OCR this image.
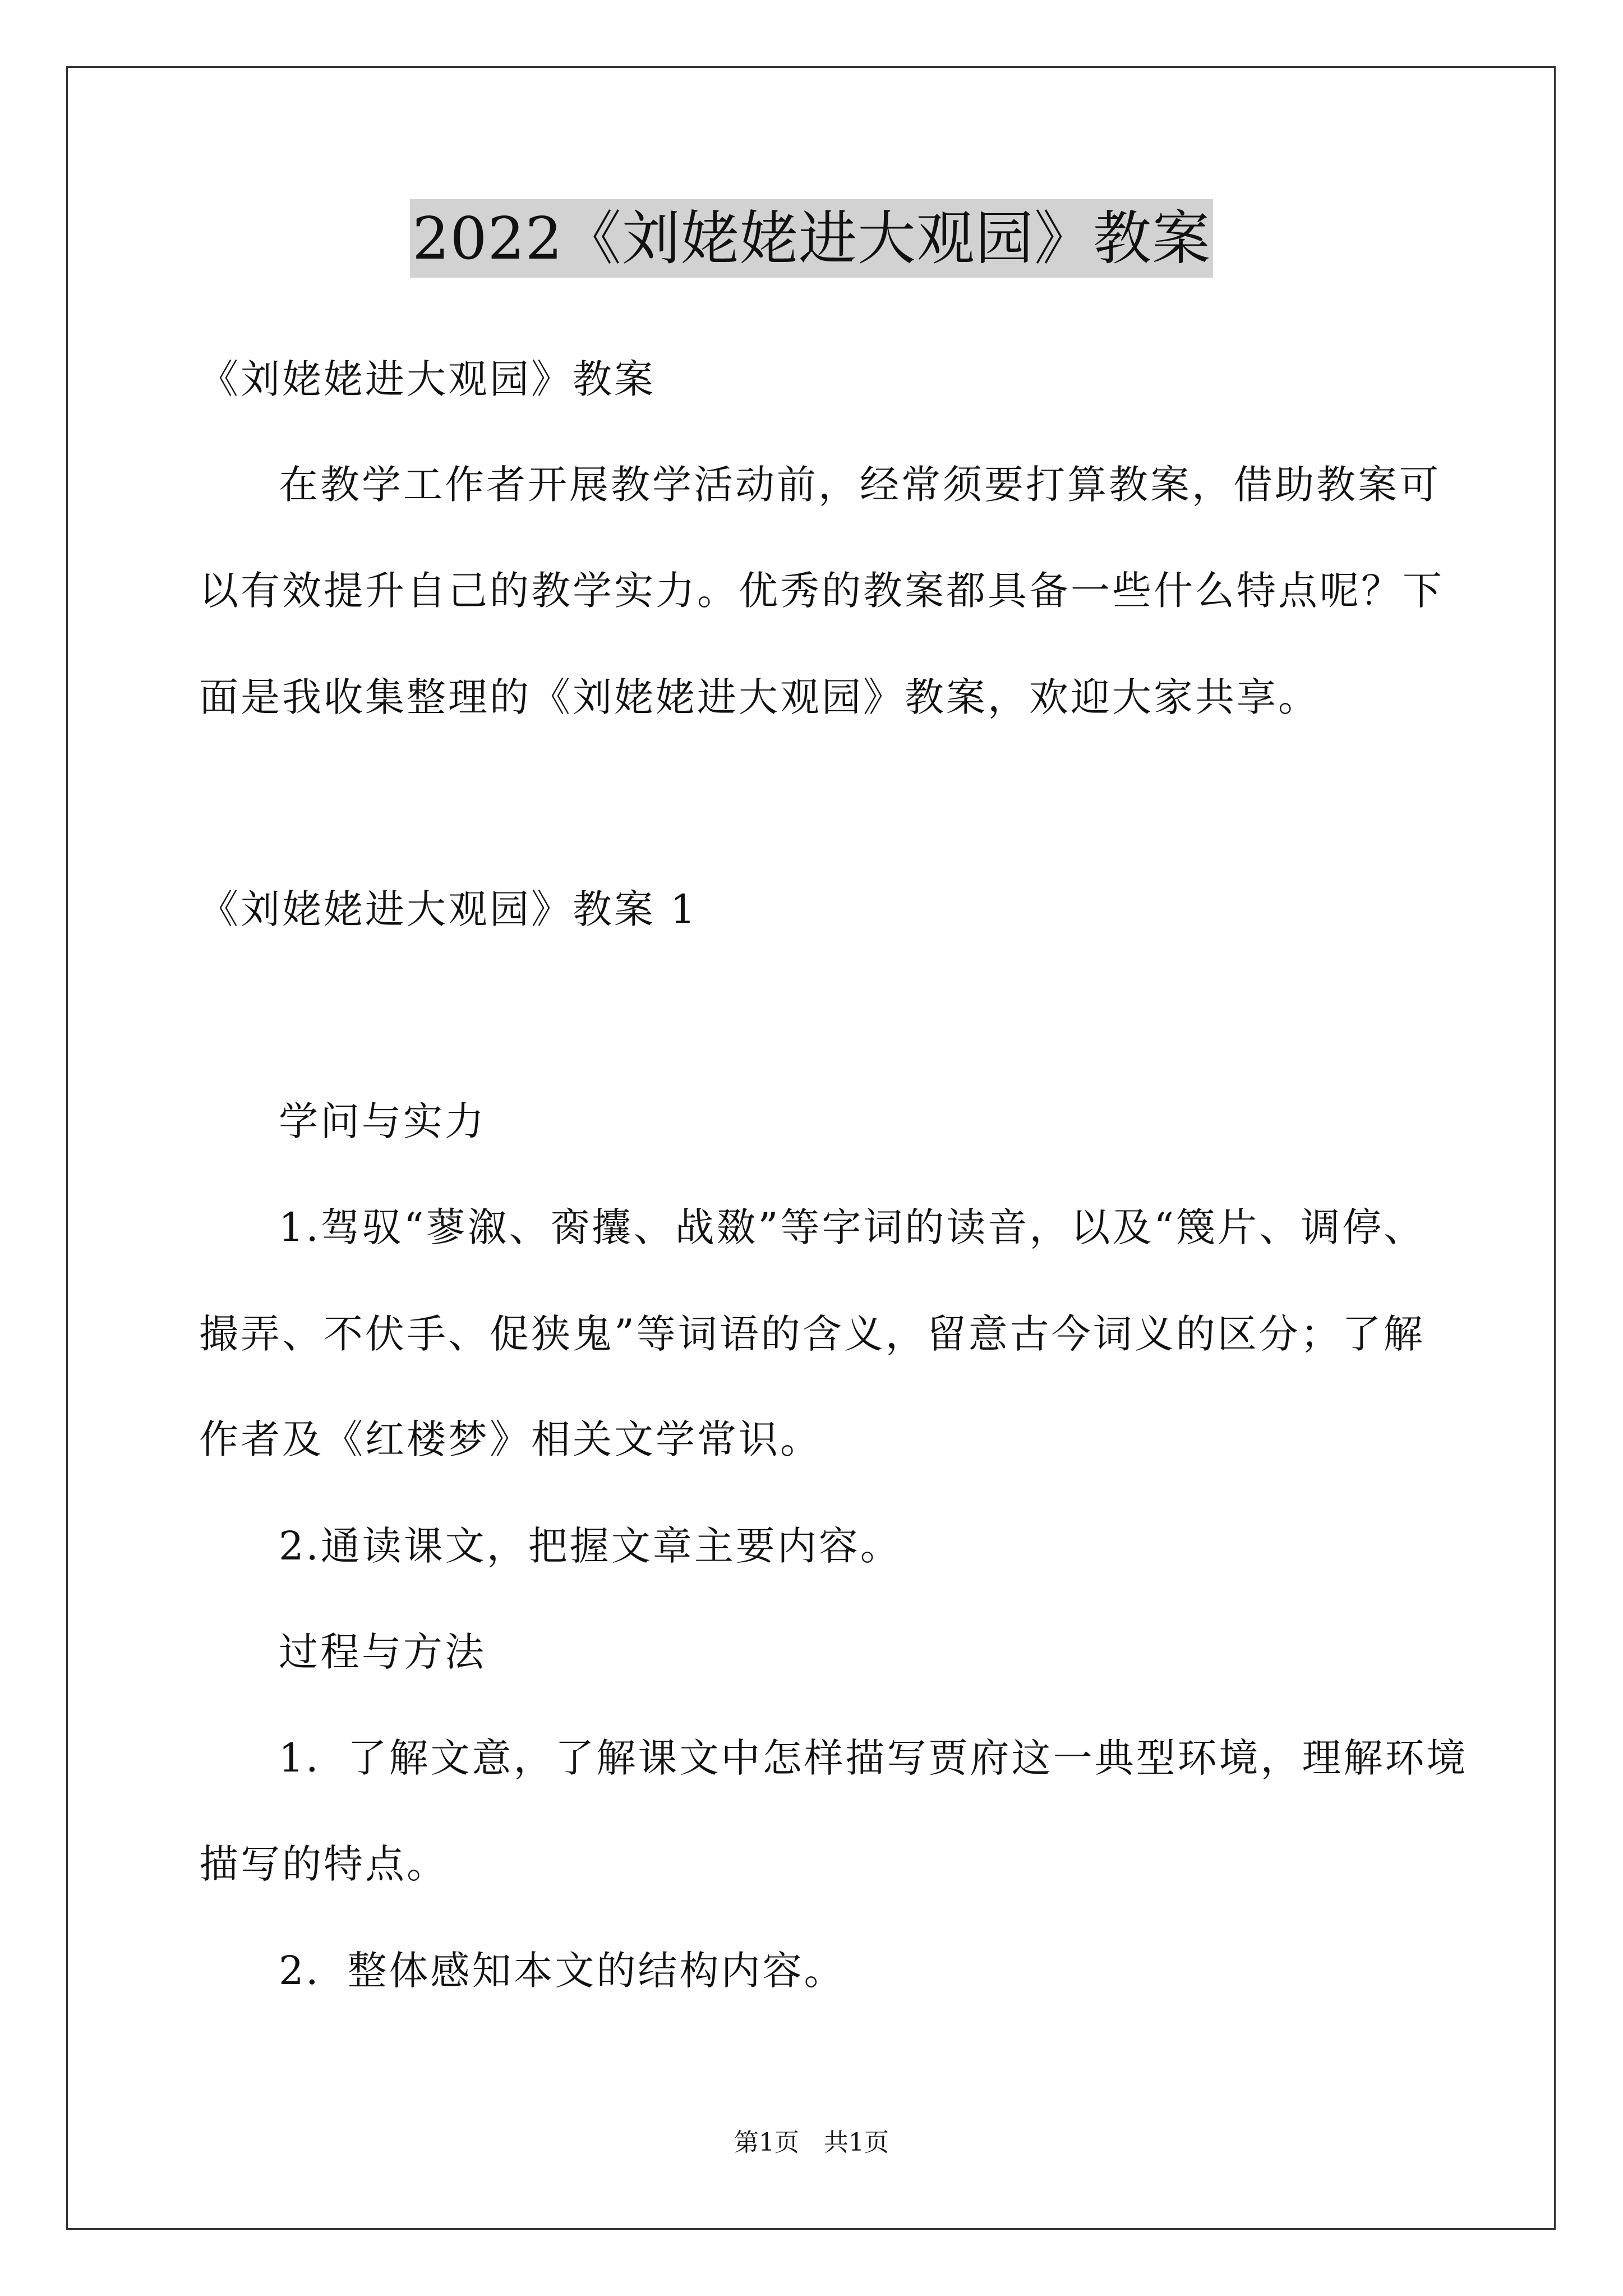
2022《刘姥姥进大观园》教案
《刘姥姥进大观园》教案
在教学工作者开展教学活动前，经常须要打算教案，借助教案可
以有效提升自己的教学实力。优秀的教案都具备一些什么特点呢？下
面是我收集整理的《刘姥姥进大观园》教案，欢迎大家共享。
《刘姥姥进大观园》教案 1
学问与实力
1.驾驭“蓼溆、脔攮、战敪”等字词的读音，以及“篾片、调停、
撮弄、不伏手、促狭鬼”等词语的含义，留意古今词义的区分；了解
作者及《红楼梦》相关文学常识。
2.通读课文，把握文章主要内容。
过程与方法
1．了解文意，了解课文中怎样描写贾府这一典型环境，理解环境
描写的特点。
2．整体感知本文的结构内容。
第1页　共1页
